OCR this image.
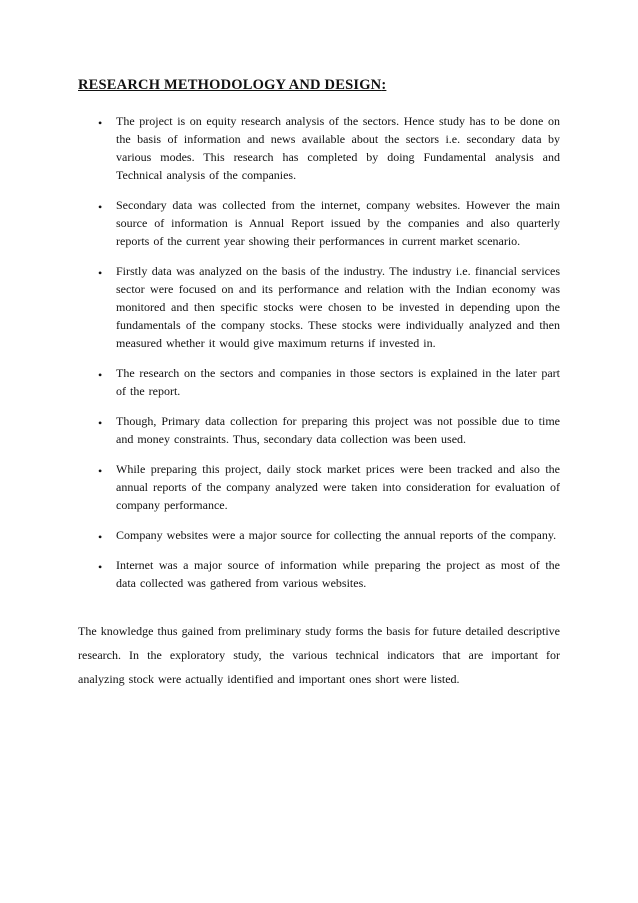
RESEARCH METHODOLOGY AND DESIGN:
• The project is on equity research analysis of the sectors. Hence study has to be done on the basis of information and news available about the sectors i.e. secondary data by various modes. This research has completed by doing Fundamental analysis and Technical analysis of the companies.
• Secondary data was collected from the internet, company websites. However the main source of information is Annual Report issued by the companies and also quarterly reports of the current year showing their performances in current market scenario.
• Firstly data was analyzed on the basis of the industry. The industry i.e. financial services sector were focused on and its performance and relation with the Indian economy was monitored and then specific stocks were chosen to be invested in depending upon the fundamentals of the company stocks. These stocks were individually analyzed and then measured whether it would give maximum returns if invested in.
• The research on the sectors and companies in those sectors is explained in the later part of the report.
• Though, Primary data collection for preparing this project was not possible due to time and money constraints. Thus, secondary data collection was been used.
• While preparing this project, daily stock market prices were been tracked and also the annual reports of the company analyzed were taken into consideration for evaluation of company performance.
• Company websites were a major source for collecting the annual reports of the company.
• Internet was a major source of information while preparing the project as most of the data collected was gathered from various websites.

The knowledge thus gained from preliminary study forms the basis for future detailed descriptive research. In the exploratory study, the various technical indicators that are important for analyzing stock were actually identified and important ones short were listed.
